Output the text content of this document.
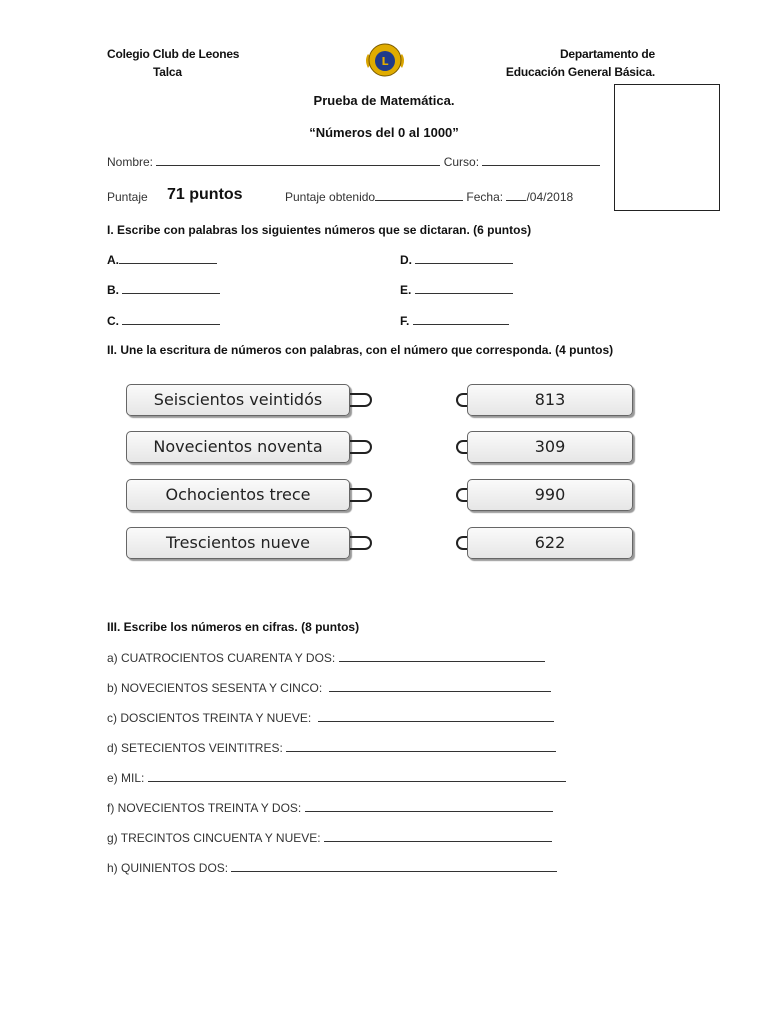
Colegio Club de Leones
Talca
Departamento de
Educación General Básica.
L
Prueba de Matemática.
“Números del 0 al 1000”
Nombre:	Curso:
Puntaje 71 puntos	Puntaje obtenido	Fecha: /04/2018
I. Escribe con palabras los siguientes números que se dictaran. (6 puntos)
A.
B.
C.
D.
E.
F.
II. Une la escritura de números con palabras, con el número que corresponda. (4 puntos)
Seiscientos veintidós
Novecientos noventa
Ochocientos trece
Trescientos nueve
813
309
990
622
III. Escribe los números en cifras. (8 puntos)
a) CUATROCIENTOS CUARENTA Y DOS:
b) NOVECIENTOS SESENTA Y CINCO:
c) DOSCIENTOS TREINTA Y NUEVE:
d) SETECIENTOS VEINTITRES:
e) MIL:
f) NOVECIENTOS TREINTA Y DOS:
g) TRECINTOS CINCUENTA Y NUEVE:
h) QUINIENTOS DOS:
